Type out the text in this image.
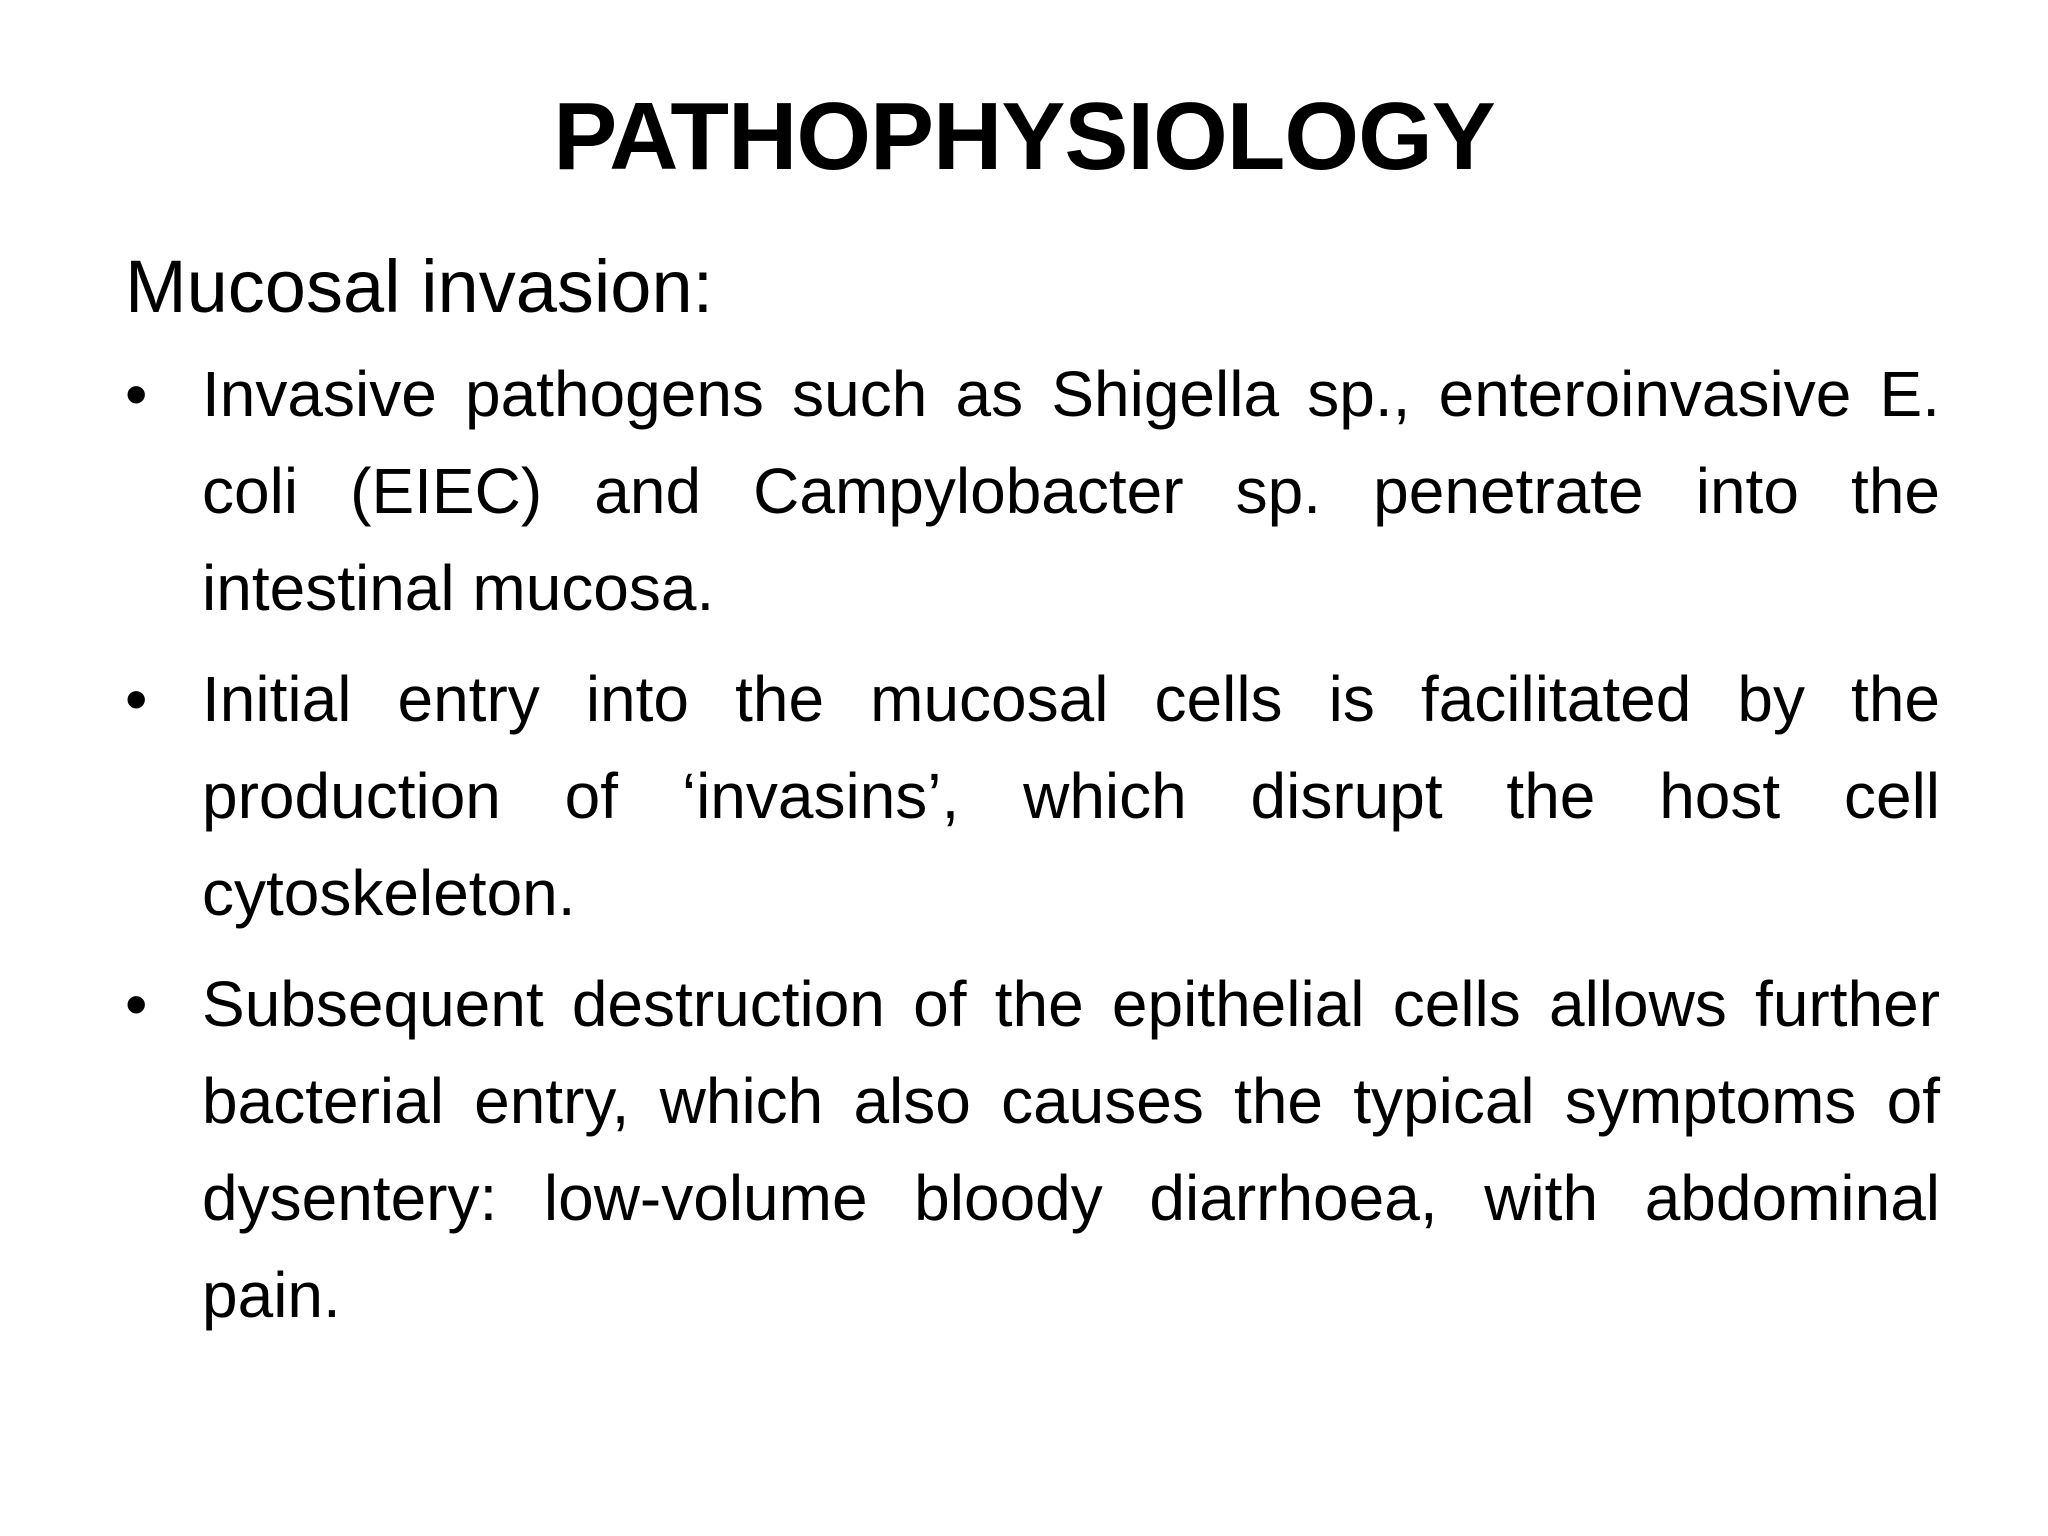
PATHOPHYSIOLOGY
Mucosal invasion:
• Invasive pathogens such as Shigella sp., enteroinvasive E. coli (EIEC) and Campylobacter sp. penetrate into the intestinal mucosa.
• Initial entry into the mucosal cells is facilitated by the production of ‘invasins’, which disrupt the host cell cytoskeleton.
• Subsequent destruction of the epithelial cells allows further bacterial entry, which also causes the typical symptoms of dysentery: low-volume bloody diarrhoea, with abdominal pain.
